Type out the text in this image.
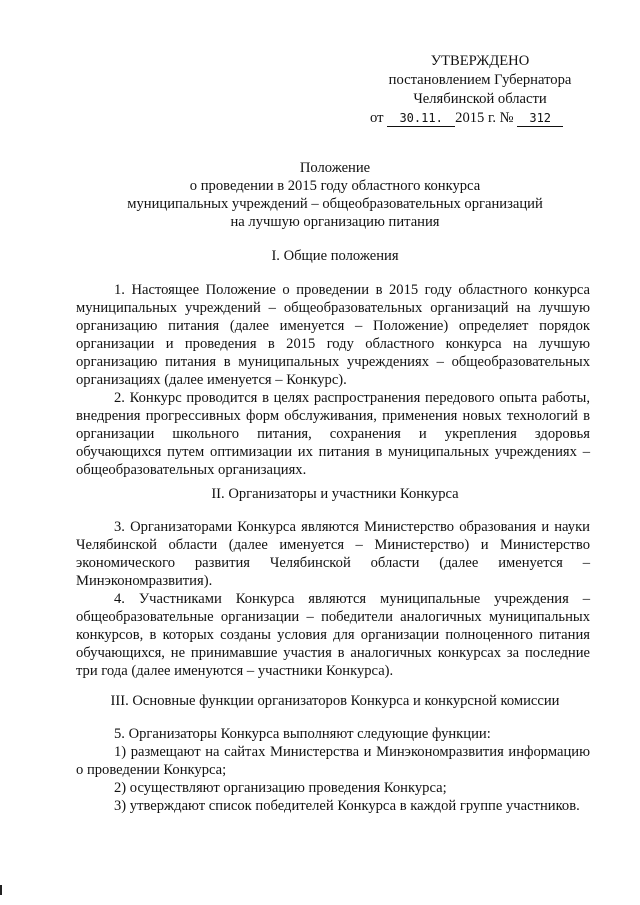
УТВЕРЖДЕНО
постановлением Губернатора
Челябинской области
от 30.11. 2015 г. № 312
Положение
о проведении в 2015 году областного конкурса
муниципальных учреждений – общеобразовательных организаций
на лучшую организацию питания
I. Общие положения

1. Настоящее Положение о проведении в 2015 году областного конкурса муниципальных учреждений – общеобразовательных организаций на лучшую организацию питания (далее именуется – Положение) определяет порядок организации и проведения в 2015 году областного конкурса на лучшую организацию питания в муниципальных учреждениях – общеобразовательных организациях (далее именуется – Конкурс).

2. Конкурс проводится в целях распространения передового опыта работы, внедрения прогрессивных форм обслуживания, применения новых технологий в организации школьного питания, сохранения и укрепления здоровья обучающихся путем оптимизации их питания в муниципальных учреждениях – общеобразовательных организациях.

II. Организаторы и участники Конкурса

3. Организаторами Конкурса являются Министерство образования и науки Челябинской области (далее именуется – Министерство) и Министерство экономического развития Челябинской области (далее именуется – Минэкономразвития).

4. Участниками Конкурса являются муниципальные учреждения – общеобразовательные организации – победители аналогичных муниципальных конкурсов, в которых созданы условия для организации полноценного питания обучающихся, не принимавшие участия в аналогичных конкурсах за последние три года (далее именуются – участники Конкурса).

III. Основные функции организаторов Конкурса и конкурсной комиссии

5. Организаторы Конкурса выполняют следующие функции:

1) размещают на сайтах Министерства и Минэкономразвития информацию о проведении Конкурса;

2) осуществляют организацию проведения Конкурса;

3) утверждают список победителей Конкурса в каждой группе участников.
